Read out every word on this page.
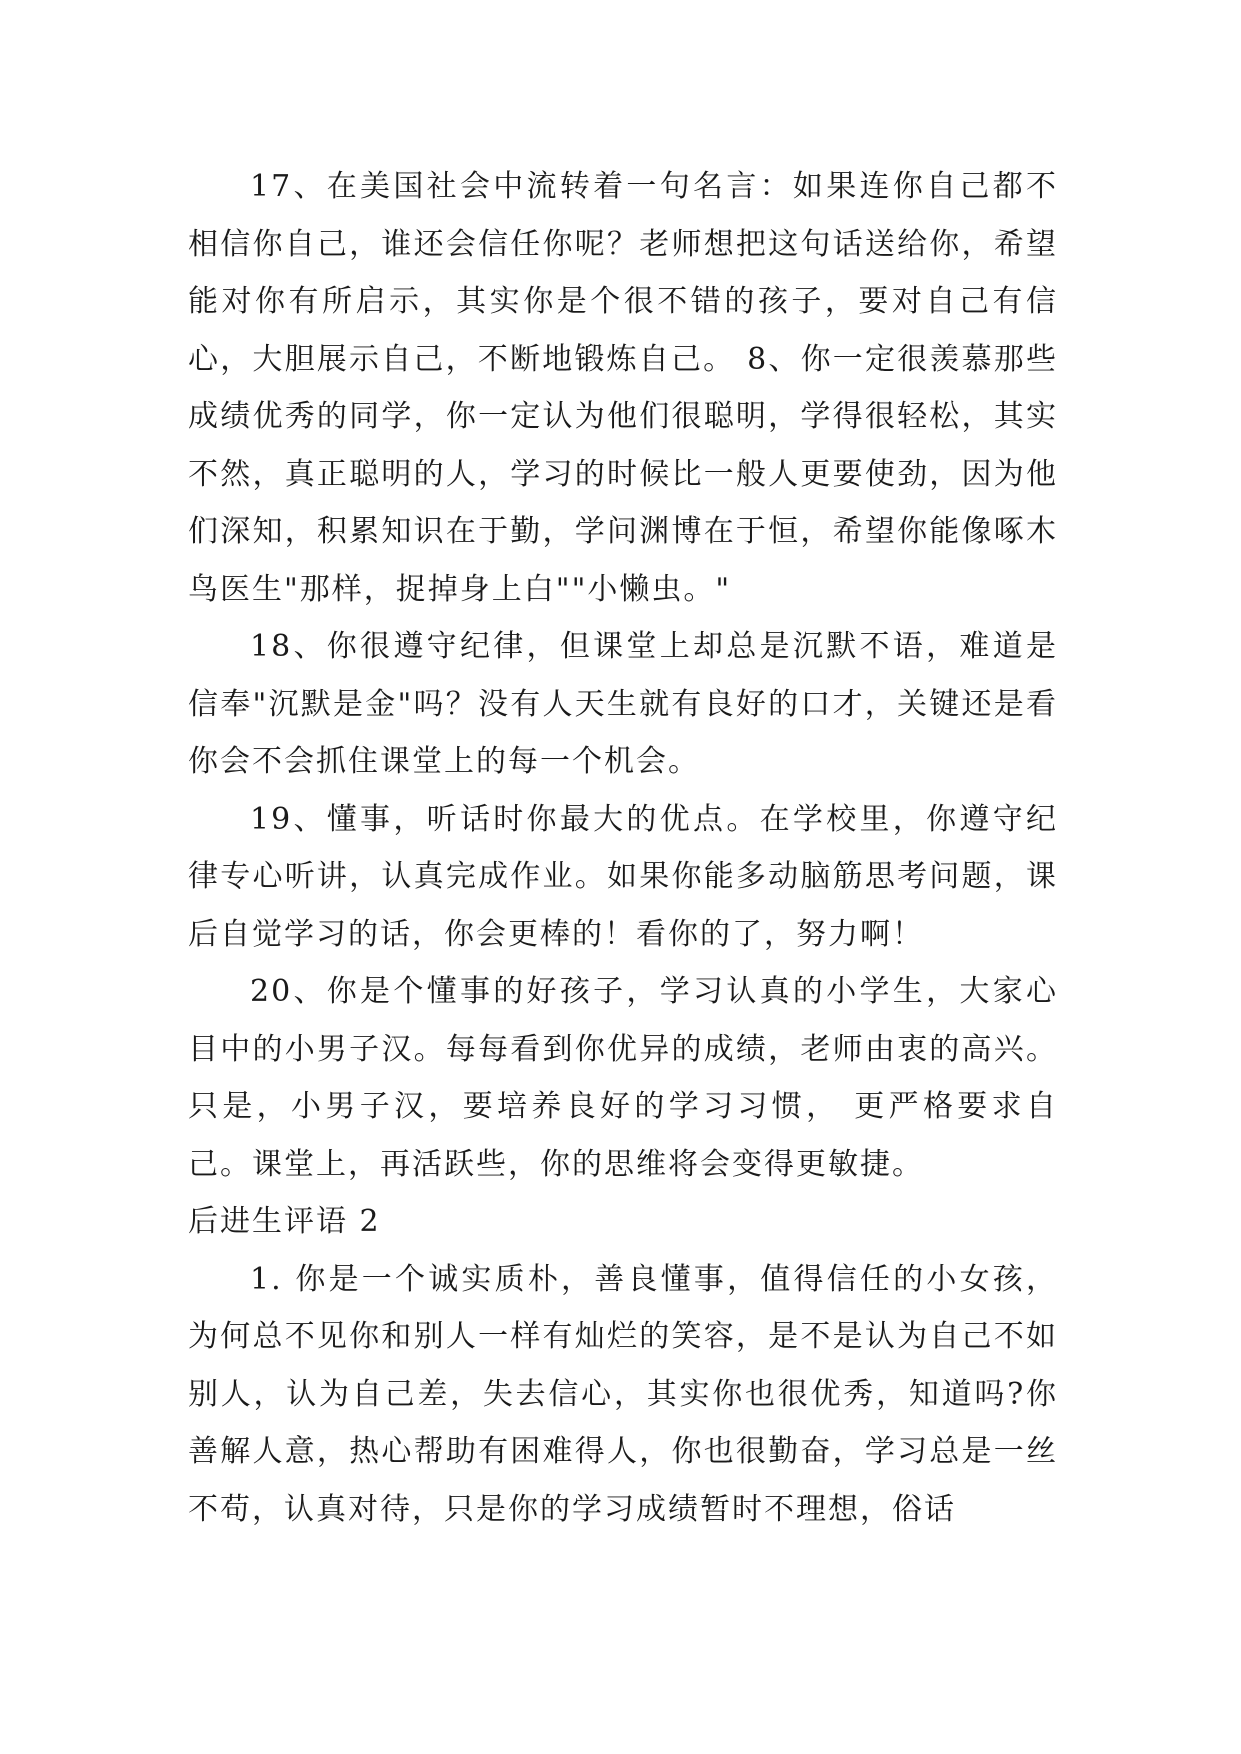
17、在美国社会中流转着一句名言：如果连你自己都不相信你自己，谁还会信任你呢？老师想把这句话送给你，希望能对你有所启示，其实你是个很不错的孩子，要对自己有信心，大胆展示自己，不断地锻炼自己。 8、你一定很羡慕那些成绩优秀的同学，你一定认为他们很聪明，学得很轻松，其实不然，真正聪明的人，学习的时候比一般人更要使劲，因为他们深知，积累知识在于勤，学问渊博在于恒，希望你能像啄木鸟医生"那样，捉掉身上白""小懒虫。"

18、你很遵守纪律，但课堂上却总是沉默不语，难道是信奉"沉默是金"吗？没有人天生就有良好的口才，关键还是看你会不会抓住课堂上的每一个机会。

19、懂事，听话时你最大的优点。在学校里，你遵守纪律专心听讲，认真完成作业。如果你能多动脑筋思考问题，课后自觉学习的话，你会更棒的！看你的了，努力啊！

20、你是个懂事的好孩子，学习认真的小学生，大家心目中的小男子汉。每每看到你优异的成绩，老师由衷的高兴。只是，小男子汉，要培养良好的学习习惯， 更严格要求自己。课堂上，再活跃些，你的思维将会变得更敏捷。

后进生评语 2

1. 你是一个诚实质朴，善良懂事，值得信任的小女孩，为何总不见你和别人一样有灿烂的笑容，是不是认为自己不如别人，认为自己差，失去信心，其实你也很优秀，知道吗?你善解人意，热心帮助有困难得人，你也很勤奋，学习总是一丝不苟，认真对待，只是你的学习成绩暂时不理想，俗话
